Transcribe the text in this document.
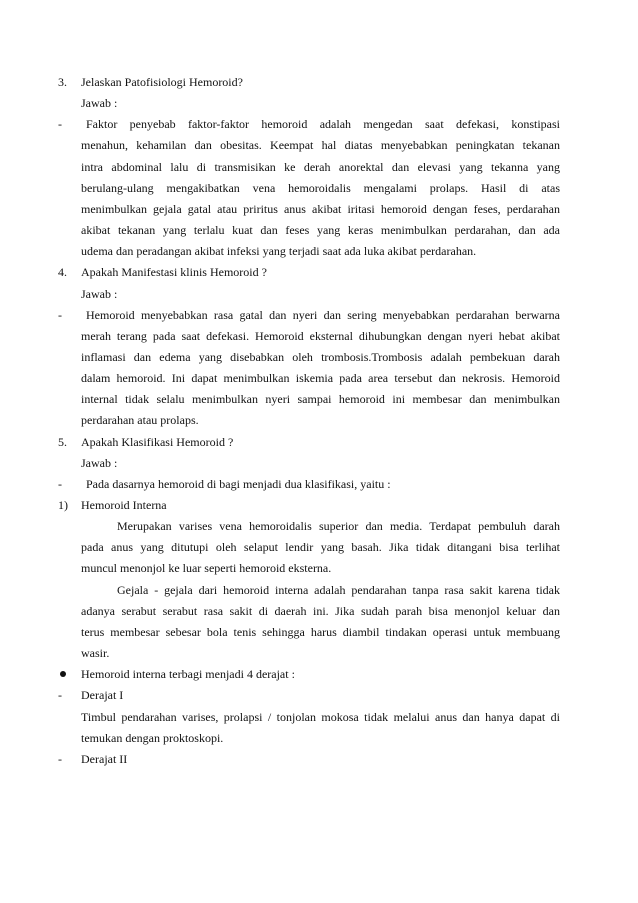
3. Jelaskan Patofisiologi Hemoroid?
Jawab :
- Faktor penyebab faktor-faktor hemoroid adalah mengedan saat defekasi, konstipasi
menahun, kehamilan dan obesitas. Keempat hal diatas menyebabkan peningkatan tekanan
intra abdominal lalu di transmisikan ke derah anorektal dan elevasi yang tekanna yang
berulang-ulang mengakibatkan vena hemoroidalis mengalami prolaps. Hasil di atas
menimbulkan gejala gatal atau priritus anus akibat iritasi hemoroid dengan feses, perdarahan
akibat tekanan yang terlalu kuat dan feses yang keras menimbulkan perdarahan, dan ada
udema dan peradangan akibat infeksi yang terjadi saat ada luka akibat perdarahan.
4. Apakah Manifestasi klinis Hemoroid ?
Jawab :
- Hemoroid menyebabkan rasa gatal dan nyeri dan sering menyebabkan perdarahan berwarna
merah terang pada saat defekasi. Hemoroid eksternal dihubungkan dengan nyeri hebat akibat
inflamasi dan edema yang disebabkan oleh trombosis.Trombosis adalah pembekuan darah
dalam hemoroid. Ini dapat menimbulkan iskemia pada area tersebut dan nekrosis. Hemoroid
internal tidak selalu menimbulkan nyeri sampai hemoroid ini membesar dan menimbulkan
perdarahan atau prolaps.
5. Apakah Klasifikasi Hemoroid ?
Jawab :
- Pada dasarnya hemoroid di bagi menjadi dua klasifikasi, yaitu :
1) Hemoroid Interna
Merupakan varises vena hemoroidalis superior dan media. Terdapat pembuluh darah
pada anus yang ditutupi oleh selaput lendir yang basah. Jika tidak ditangani bisa terlihat
muncul menonjol ke luar seperti hemoroid eksterna.
Gejala - gejala dari hemoroid interna adalah pendarahan tanpa rasa sakit karena tidak
adanya serabut serabut rasa sakit di daerah ini. Jika sudah parah bisa menonjol keluar dan
terus membesar sebesar bola tenis sehingga harus diambil tindakan operasi untuk membuang
wasir.
Hemoroid interna terbagi menjadi 4 derajat :
- Derajat I
Timbul pendarahan varises, prolapsi / tonjolan mokosa tidak melalui anus dan hanya dapat di
temukan dengan proktoskopi.
- Derajat II
